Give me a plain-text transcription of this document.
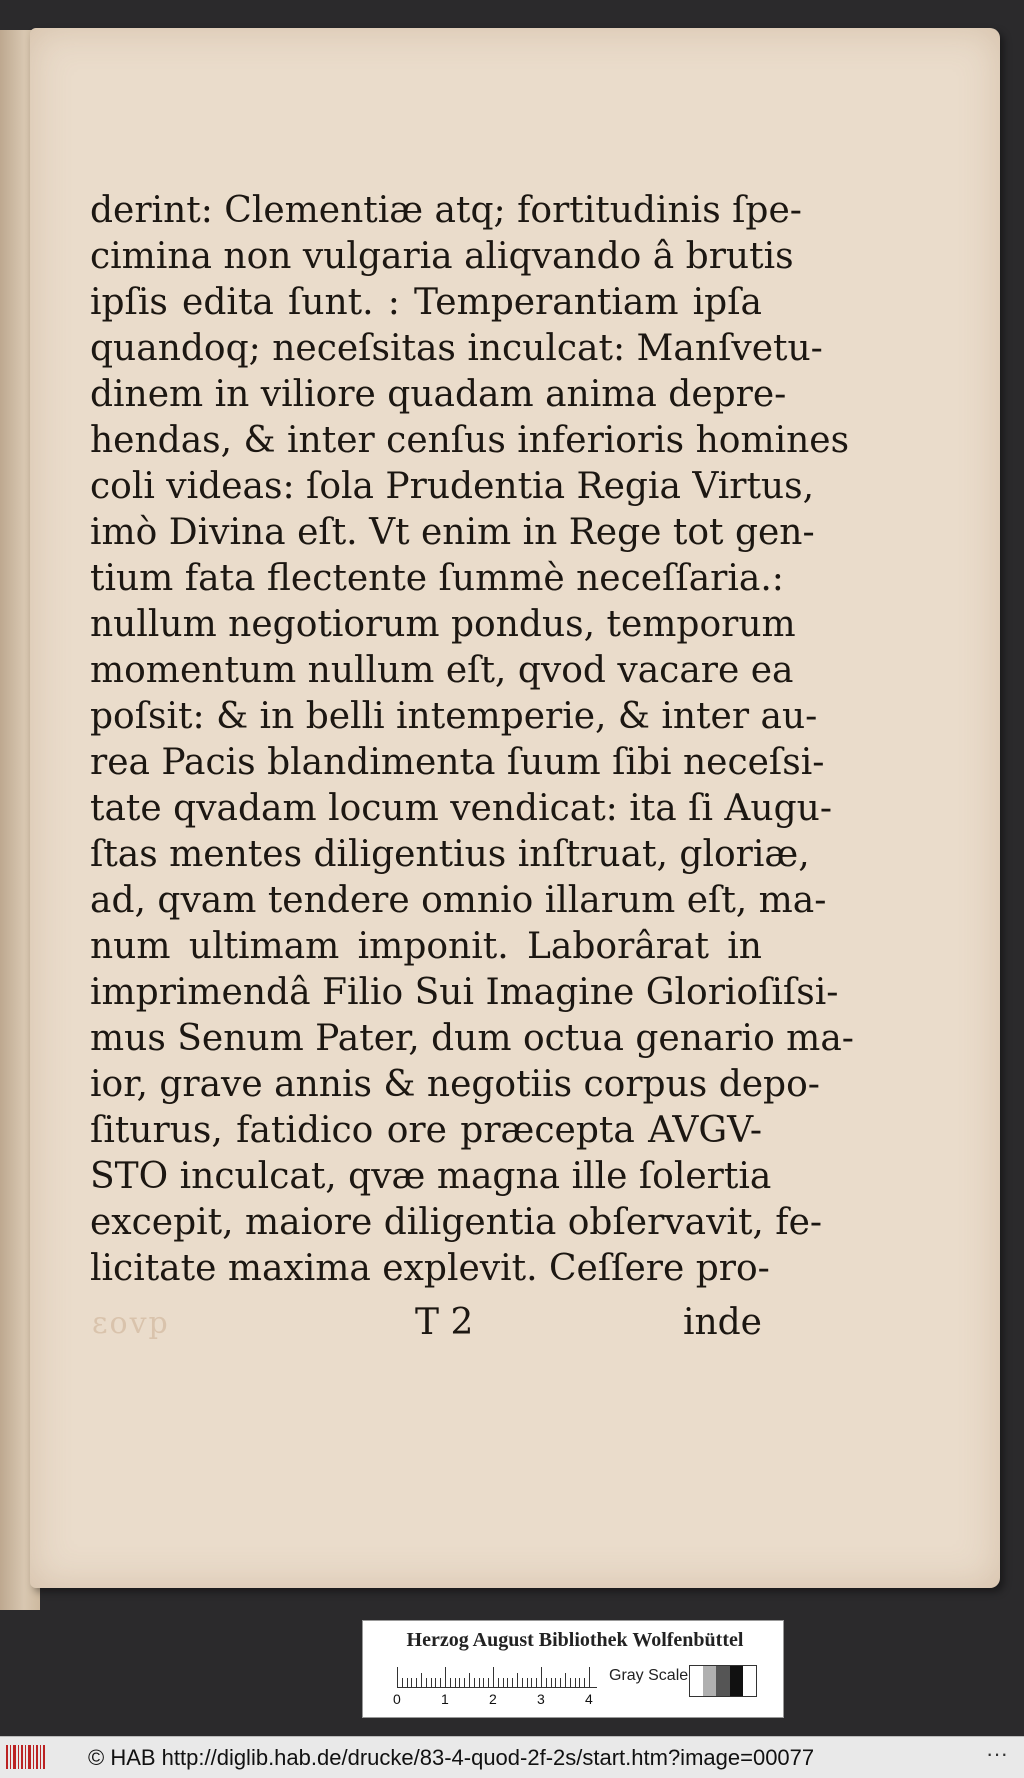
derint: Clementiæ atq; fortitudinis ſpe-
cimina non vulgaria aliqvando â brutis
ipſis edita ſunt. : Temperantiam ipſa
quandoq; neceſsitas inculcat: Manſvetu-
dinem in viliore quadam anima depre-
hendas, & inter cenſus inferioris homines
coli videas: ſola Prudentia Regia Virtus,
imò Divina eſt. Vt enim in Rege tot gen-
tium fata flectente ſummè neceſſaria.:
nullum negotiorum pondus, temporum
momentum nullum eſt, qvod vacare ea
poſsit: & in belli intemperie, & inter au-
rea Pacis blandimenta ſuum ſibi neceſsi-
tate qvadam locum vendicat: ita ſi Augu-
ſtas mentes diligentius inſtruat, gloriæ,
ad, qvam tendere omnio illarum eſt, ma-
num ultimam imponit. Laborârat in
imprimendâ Filio Sui Imagine Glorioſiſsi-
mus Senum Pater, dum octua genario ma-
ior, grave annis & negotiis corpus depo-
ſiturus, fatidico ore præcepta AVGV-
STO inculcat, qvæ magna ille ſolertia
excepit, maiore diligentia obſervavit, fe-
licitate maxima explevit. Ceſſere pro-
ɛovp	T 2	inde
Herzog August Bibliothek Wolfenbüttel
0	1	2	3	4
Gray Scale
© HAB http://diglib.hab.de/drucke/83-4-quod-2f-2s/start.htm?image=00077	···
